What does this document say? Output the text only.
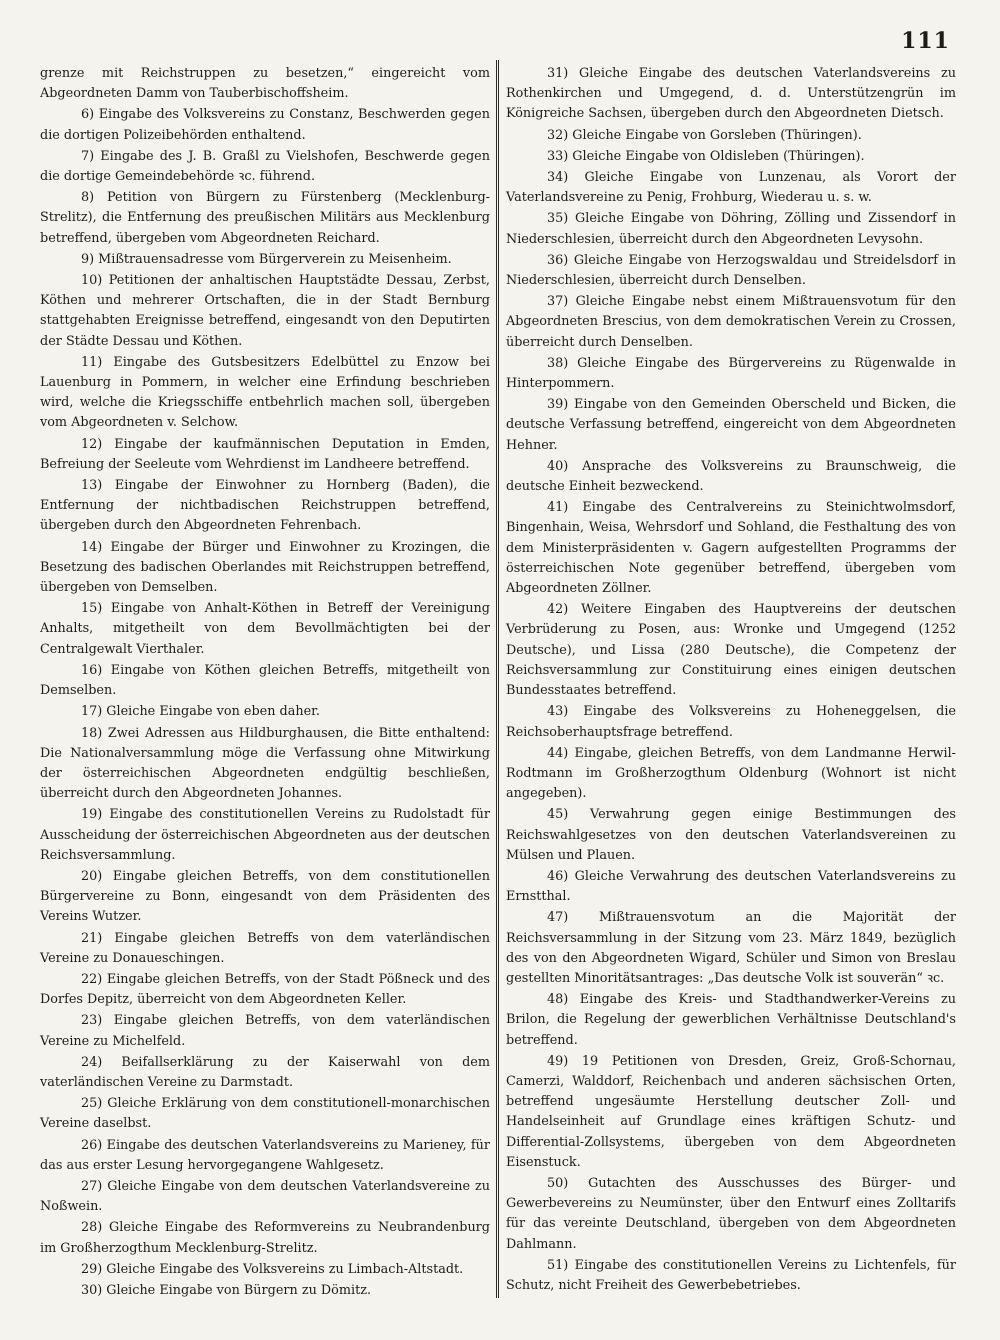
111

grenze mit Reichstruppen zu besetzen,“ eingereicht vom Abgeordneten Damm von Tauberbischoffsheim.

6) Eingabe des Volksvereins zu Constanz, Beschwerden gegen die dortigen Polizeibehörden enthaltend.

7) Eingabe des J. B. Graßl zu Vielshofen, Beschwerde gegen die dortige Gemeindebehörde ꝛc. führend.

8) Petition von Bürgern zu Fürstenberg (Mecklenburg-Strelitz), die Entfernung des preußischen Militärs aus Mecklenburg betreffend, übergeben vom Abgeordneten Reichard.

9) Mißtrauensadresse vom Bürgerverein zu Meisenheim.

10) Petitionen der anhaltischen Hauptstädte Dessau, Zerbst, Köthen und mehrerer Ortschaften, die in der Stadt Bernburg stattgehabten Ereignisse betreffend, eingesandt von den Deputirten der Städte Dessau und Köthen.

11) Eingabe des Gutsbesitzers Edelbüttel zu Enzow bei Lauenburg in Pommern, in welcher eine Erfindung beschrieben wird, welche die Kriegsschiffe entbehrlich machen soll, übergeben vom Abgeordneten v. Selchow.

12) Eingabe der kaufmännischen Deputation in Emden, Befreiung der Seeleute vom Wehrdienst im Landheere betreffend.

13) Eingabe der Einwohner zu Hornberg (Baden), die Entfernung der nichtbadischen Reichstruppen betreffend, übergeben durch den Abgeordneten Fehrenbach.

14) Eingabe der Bürger und Einwohner zu Krozingen, die Besetzung des badischen Oberlandes mit Reichstruppen betreffend, übergeben von Demselben.

15) Eingabe von Anhalt-Köthen in Betreff der Vereinigung Anhalts, mitgetheilt von dem Bevollmächtigten bei der Centralgewalt Vierthaler.

16) Eingabe von Köthen gleichen Betreffs, mitgetheilt von Demselben.

17) Gleiche Eingabe von eben daher.

18) Zwei Adressen aus Hildburghausen, die Bitte enthaltend: Die Nationalversammlung möge die Verfassung ohne Mitwirkung der österreichischen Abgeordneten endgültig beschließen, überreicht durch den Abgeordneten Johannes.

19) Eingabe des constitutionellen Vereins zu Rudolstadt für Ausscheidung der österreichischen Abgeordneten aus der deutschen Reichsversammlung.

20) Eingabe gleichen Betreffs, von dem constitutionellen Bürgervereine zu Bonn, eingesandt von dem Präsidenten des Vereins Wutzer.

21) Eingabe gleichen Betreffs von dem vaterländischen Vereine zu Donaueschingen.

22) Eingabe gleichen Betreffs, von der Stadt Pößneck und des Dorfes Depitz, überreicht von dem Abgeordneten Keller.

23) Eingabe gleichen Betreffs, von dem vaterländischen Vereine zu Michelfeld.

24) Beifallserklärung zu der Kaiserwahl von dem vaterländischen Vereine zu Darmstadt.

25) Gleiche Erklärung von dem constitutionell-monarchischen Vereine daselbst.

26) Eingabe des deutschen Vaterlandsvereins zu Marieney, für das aus erster Lesung hervorgegangene Wahlgesetz.

27) Gleiche Eingabe von dem deutschen Vaterlandsvereine zu Noßwein.

28) Gleiche Eingabe des Reformvereins zu Neubrandenburg im Großherzogthum Mecklenburg-Strelitz.

29) Gleiche Eingabe des Volksvereins zu Limbach-Altstadt.

30) Gleiche Eingabe von Bürgern zu Dömitz.

31) Gleiche Eingabe des deutschen Vaterlandsvereins zu Rothenkirchen und Umgegend, d. d. Unterstützengrün im Königreiche Sachsen, übergeben durch den Abgeordneten Dietsch.

32) Gleiche Eingabe von Gorsleben (Thüringen).

33) Gleiche Eingabe von Oldisleben (Thüringen).

34) Gleiche Eingabe von Lunzenau, als Vorort der Vaterlandsvereine zu Penig, Frohburg, Wiederau u. s. w.

35) Gleiche Eingabe von Döhring, Zölling und Zissendorf in Niederschlesien, überreicht durch den Abgeordneten Levysohn.

36) Gleiche Eingabe von Herzogswaldau und Streidelsdorf in Niederschlesien, überreicht durch Denselben.

37) Gleiche Eingabe nebst einem Mißtrauensvotum für den Abgeordneten Brescius, von dem demokratischen Verein zu Crossen, überreicht durch Denselben.

38) Gleiche Eingabe des Bürgervereins zu Rügenwalde in Hinterpommern.

39) Eingabe von den Gemeinden Oberscheld und Bicken, die deutsche Verfassung betreffend, eingereicht von dem Abgeordneten Hehner.

40) Ansprache des Volksvereins zu Braunschweig, die deutsche Einheit bezweckend.

41) Eingabe des Centralvereins zu Steinichtwolmsdorf, Bingenhain, Weisa, Wehrsdorf und Sohland, die Festhaltung des von dem Ministerpräsidenten v. Gagern aufgestellten Programms der österreichischen Note gegenüber betreffend, übergeben vom Abgeordneten Zöllner.

42) Weitere Eingaben des Hauptvereins der deutschen Verbrüderung zu Posen, aus: Wronke und Umgegend (1252 Deutsche), und Lissa (280 Deutsche), die Competenz der Reichsversammlung zur Constituirung eines einigen deutschen Bundesstaates betreffend.

43) Eingabe des Volksvereins zu Hoheneggelsen, die Reichsoberhauptsfrage betreffend.

44) Eingabe, gleichen Betreffs, von dem Landmanne Herwil-Rodtmann im Großherzogthum Oldenburg (Wohnort ist nicht angegeben).

45) Verwahrung gegen einige Bestimmungen des Reichswahlgesetzes von den deutschen Vaterlandsvereinen zu Mülsen und Plauen.

46) Gleiche Verwahrung des deutschen Vaterlandsvereins zu Ernstthal.

47) Mißtrauensvotum an die Majorität der Reichsversammlung in der Sitzung vom 23. März 1849, bezüglich des von den Abgeordneten Wigard, Schüler und Simon von Breslau gestellten Minoritätsantrages: „Das deutsche Volk ist souverän“ ꝛc.

48) Eingabe des Kreis- und Stadthandwerker-Vereins zu Brilon, die Regelung der gewerblichen Verhältnisse Deutschland's betreffend.

49) 19 Petitionen von Dresden, Greiz, Groß-Schornau, Camerzi, Walddorf, Reichenbach und anderen sächsischen Orten, betreffend ungesäumte Herstellung deutscher Zoll- und Handelseinheit auf Grundlage eines kräftigen Schutz- und Differential-Zollsystems, übergeben von dem Abgeordneten Eisenstuck.

50) Gutachten des Ausschusses des Bürger- und Gewerbevereins zu Neumünster, über den Entwurf eines Zolltarifs für das vereinte Deutschland, übergeben von dem Abgeordneten Dahlmann.

51) Eingabe des constitutionellen Vereins zu Lichtenfels, für Schutz, nicht Freiheit des Gewerbebetriebes.
